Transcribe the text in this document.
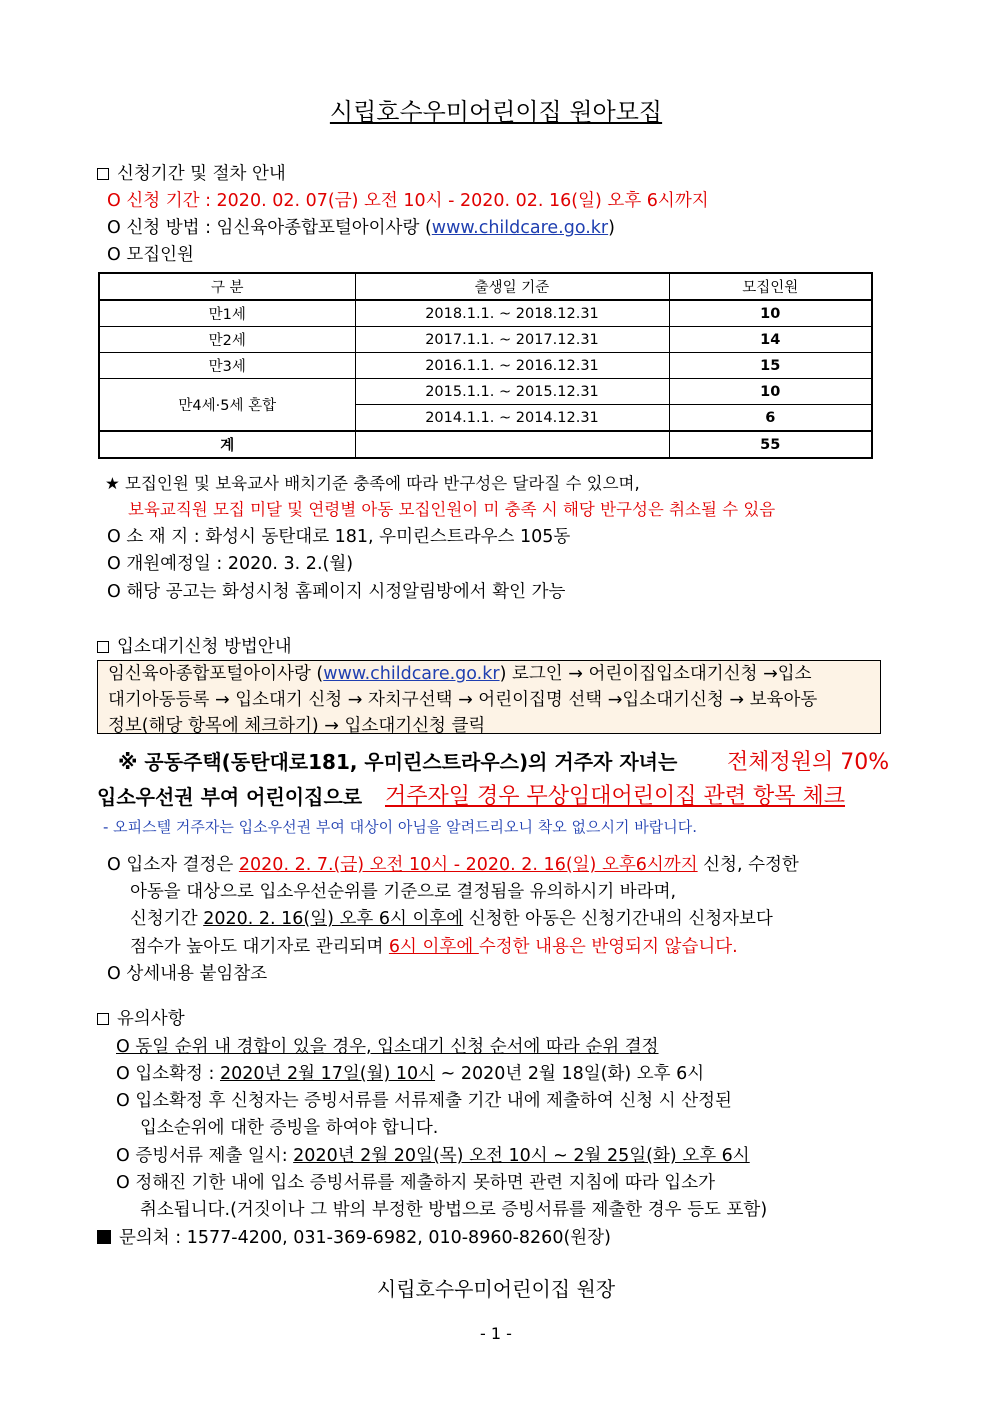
시립호수우미어린이집 원아모집
신청기간 및 절차 안내
O 신청 기간 : 2020. 02. 07(금) 오전 10시 - 2020. 02. 16(일) 오후 6시까지
O 신청 방법 : 임신육아종합포털아이사랑 (www.childcare.go.kr)
O 모집인원
구 분	출생일 기준	모집인원
만1세	2018.1.1. ~ 2018.12.31	10
만2세	2017.1.1. ~ 2017.12.31	14
만3세	2016.1.1. ~ 2016.12.31	15
만4세·5세 혼합	2015.1.1. ~ 2015.12.31	10
	2014.1.1. ~ 2014.12.31	6
계		55
★ 모집인원 및 보육교사 배치기준 충족에 따라 반구성은 달라질 수 있으며,
보육교직원 모집 미달 및 연령별 아동 모집인원이 미 충족 시 해당 반구성은 취소될 수 있음
O 소 재 지 : 화성시 동탄대로 181, 우미린스트라우스 105동
O 개원예정일 : 2020. 3. 2.(월)
O 해당 공고는 화성시청 홈페이지 시정알림방에서 확인 가능
입소대기신청 방법안내
임신육아종합포털아이사랑 (www.childcare.go.kr) 로그인 → 어린이집입소대기신청 →입소
대기아동등록 → 입소대기 신청 → 자치구선택 → 어린이집명 선택 →입소대기신청 → 보육아동
정보(해당 항목에 체크하기) → 입소대기신청 클릭
※ 공동주택(동탄대로181, 우미린스트라우스)의 거주자 자녀는 전체정원의 70%
입소우선권 부여 어린이집으로 거주자일 경우 무상임대어린이집 관련 항목 체크
- 오피스텔 거주자는 입소우선권 부여 대상이 아님을 알려드리오니 착오 없으시기 바랍니다.
O 입소자 결정은 2020. 2. 7.(금) 오전 10시 - 2020. 2. 16(일) 오후6시까지 신청, 수정한
아동을 대상으로 입소우선순위를 기준으로 결정됨을 유의하시기 바라며,
신청기간 2020. 2. 16(일) 오후 6시 이후에 신청한 아동은 신청기간내의 신청자보다
점수가 높아도 대기자로 관리되며 6시 이후에 수정한 내용은 반영되지 않습니다.
O 상세내용 붙임참조
유의사항
O 동일 순위 내 경합이 있을 경우, 입소대기 신청 순서에 따라 순위 결정
O 입소확정 : 2020년 2월 17일(월) 10시 ~ 2020년 2월 18일(화) 오후 6시
O 입소확정 후 신청자는 증빙서류를 서류제출 기간 내에 제출하여 신청 시 산정된
입소순위에 대한 증빙을 하여야 합니다.
O 증빙서류 제출 일시: 2020년 2월 20일(목) 오전 10시 ~ 2월 25일(화) 오후 6시
O 정해진 기한 내에 입소 증빙서류를 제출하지 못하면 관련 지침에 따라 입소가
취소됩니다.(거짓이나 그 밖의 부정한 방법으로 증빙서류를 제출한 경우 등도 포함)
문의처 : 1577-4200, 031-369-6982, 010-8960-8260(원장)
시립호수우미어린이집 원장
- 1 -
